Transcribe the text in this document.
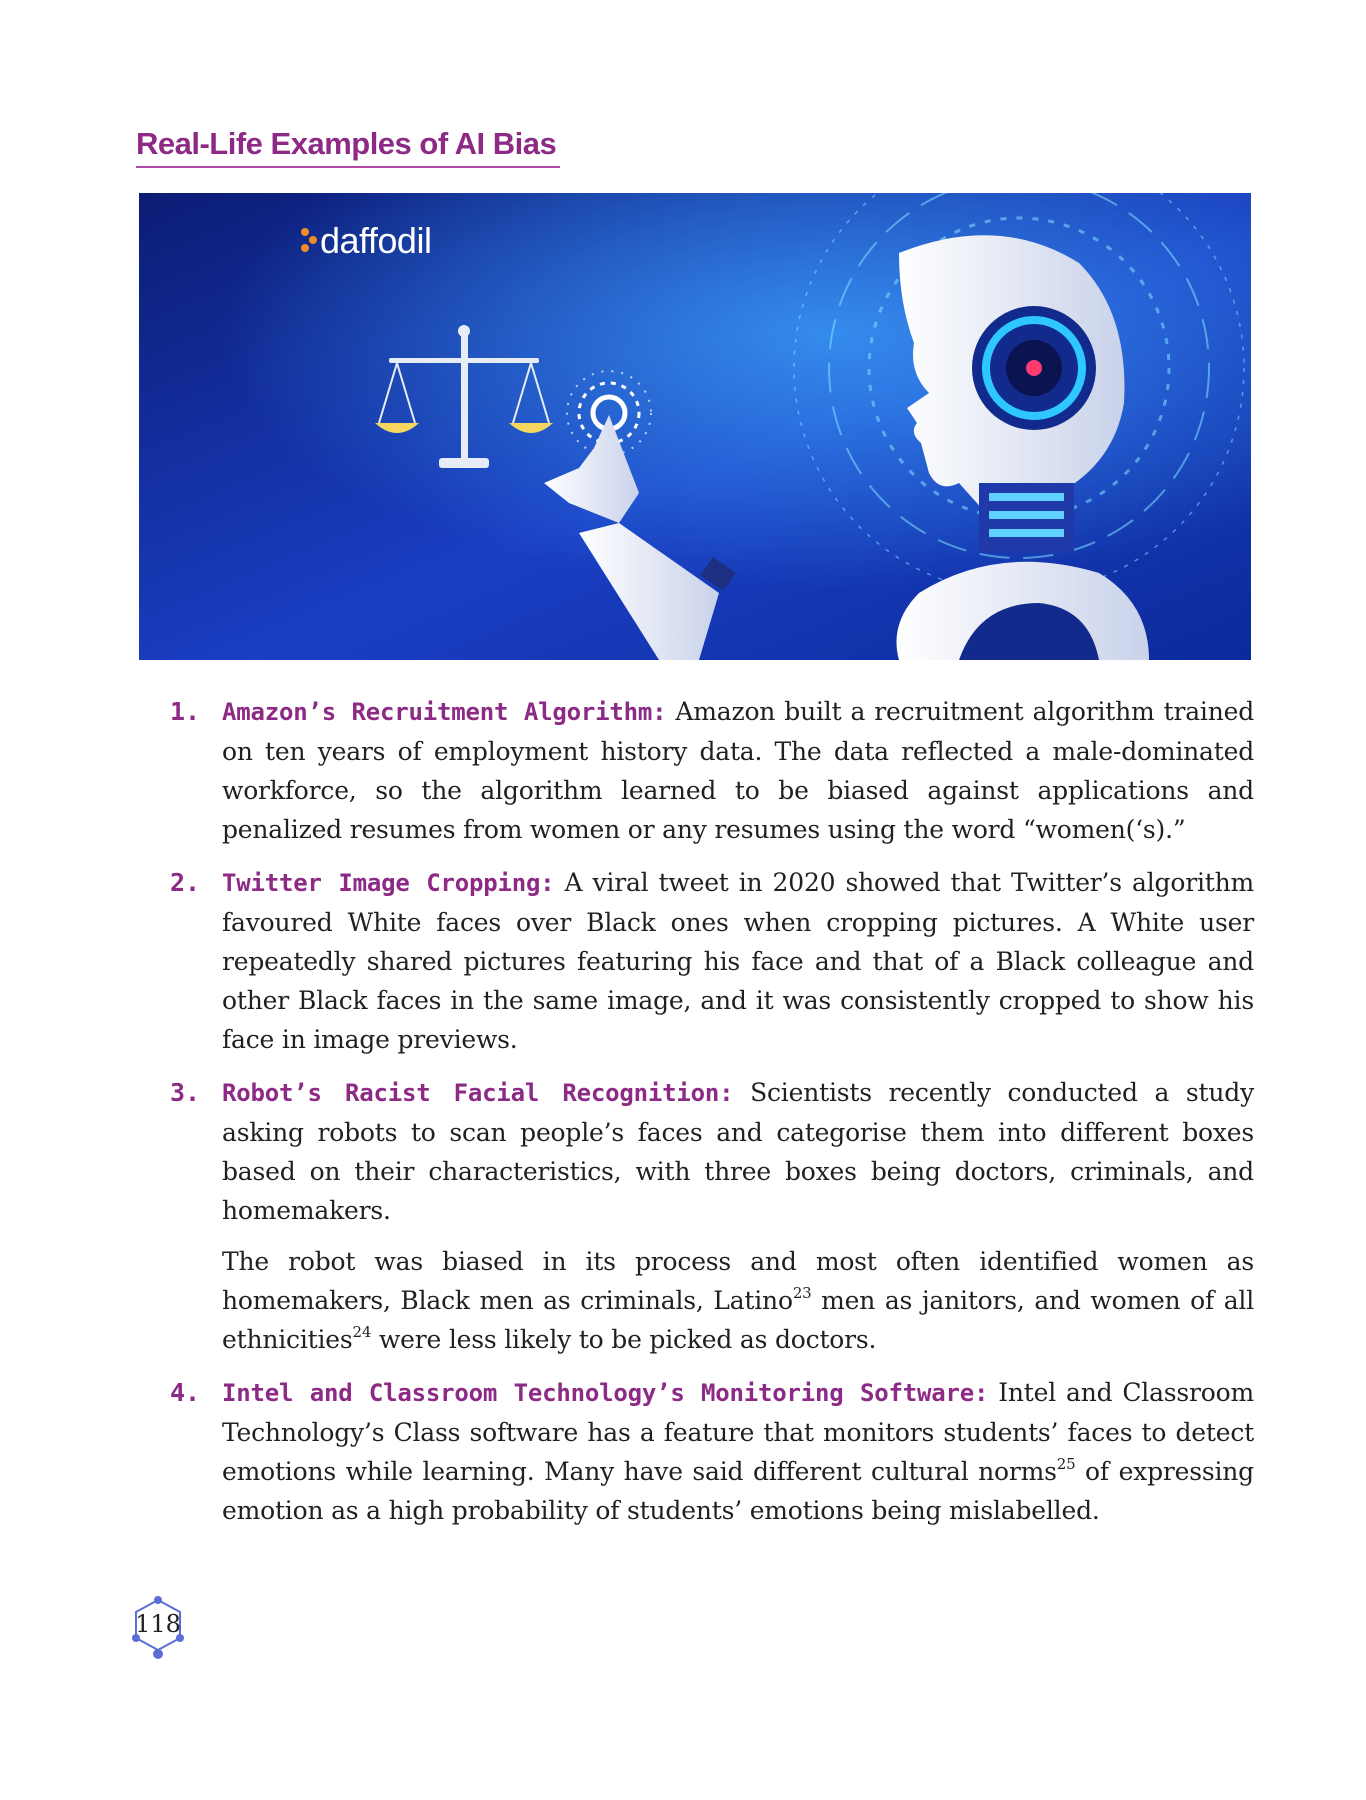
Real-Life Examples of AI Bias
daffodil
1. Amazon’s Recruitment Algorithm: Amazon built a recruitment algorithm trained on ten years of employment history data. The data reflected a male-dominated workforce, so the algorithm learned to be biased against applications and penalized resumes from women or any resumes using the word “women(‘s).”

2. Twitter Image Cropping: A viral tweet in 2020 showed that Twitter’s algorithm favoured White faces over Black ones when cropping pictures. A White user repeatedly shared pictures featuring his face and that of a Black colleague and other Black faces in the same image, and it was consistently cropped to show his face in image previews.

3. Robot’s Racist Facial Recognition: Scientists recently conducted a study asking robots to scan people’s faces and categorise them into different boxes based on their characteristics, with three boxes being doctors, criminals, and homemakers.

The robot was biased in its process and most often identified women as homemakers, Black men as criminals, Latino$^{23}$ men as janitors, and women of all ethnicities$^{24}$ were less likely to be picked as doctors.

4. Intel and Classroom Technology’s Monitoring Software: Intel and Classroom Technology’s Class software has a feature that monitors students’ faces to detect emotions while learning. Many have said different cultural norms$^{25}$ of expressing emotion as a high probability of students’ emotions being mislabelled.

118
